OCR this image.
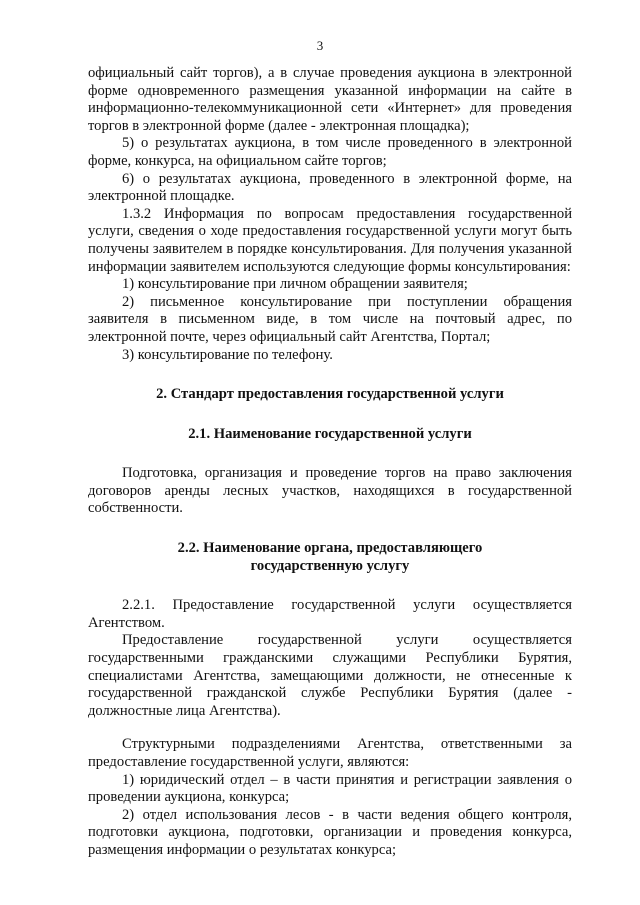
3

официальный сайт торгов), а в случае проведения аукциона в электронной форме одновременного размещения указанной информации на сайте в информационно-телекоммуникационной сети «Интернет» для проведения торгов в электронной форме (далее - электронная площадка);

5) о результатах аукциона, в том числе проведенного в электронной форме, конкурса, на официальном сайте торгов;

6) о результатах аукциона, проведенного в электронной форме, на электронной площадке.

1.3.2 Информация по вопросам предоставления государственной услуги, сведения о ходе предоставления государственной услуги могут быть получены заявителем в порядке консультирования. Для получения указанной информации заявителем используются следующие формы консультирования:

1) консультирование при личном обращении заявителя;

2) письменное консультирование при поступлении обращения заявителя в письменном виде, в том числе на почтовый адрес, по электронной почте, через официальный сайт Агентства, Портал;

3) консультирование по телефону.

2. Стандарт предоставления государственной услуги

2.1. Наименование государственной услуги

Подготовка, организация и проведение торгов на право заключения договоров аренды лесных участков, находящихся в государственной собственности.

2.2. Наименование органа, предоставляющего государственную услугу

2.2.1. Предоставление государственной услуги осуществляется Агентством.

Предоставление государственной услуги осуществляется государственными гражданскими служащими Республики Бурятия, специалистами Агентства, замещающими должности, не отнесенные к государственной гражданской службе Республики Бурятия (далее - должностные лица Агентства).

Структурными подразделениями Агентства, ответственными за предоставление государственной услуги, являются:

1) юридический отдел – в части принятия и регистрации заявления о проведении аукциона, конкурса;

2) отдел использования лесов - в части ведения общего контроля, подготовки аукциона, подготовки, организации и проведения конкурса, размещения информации о результатах конкурса;
